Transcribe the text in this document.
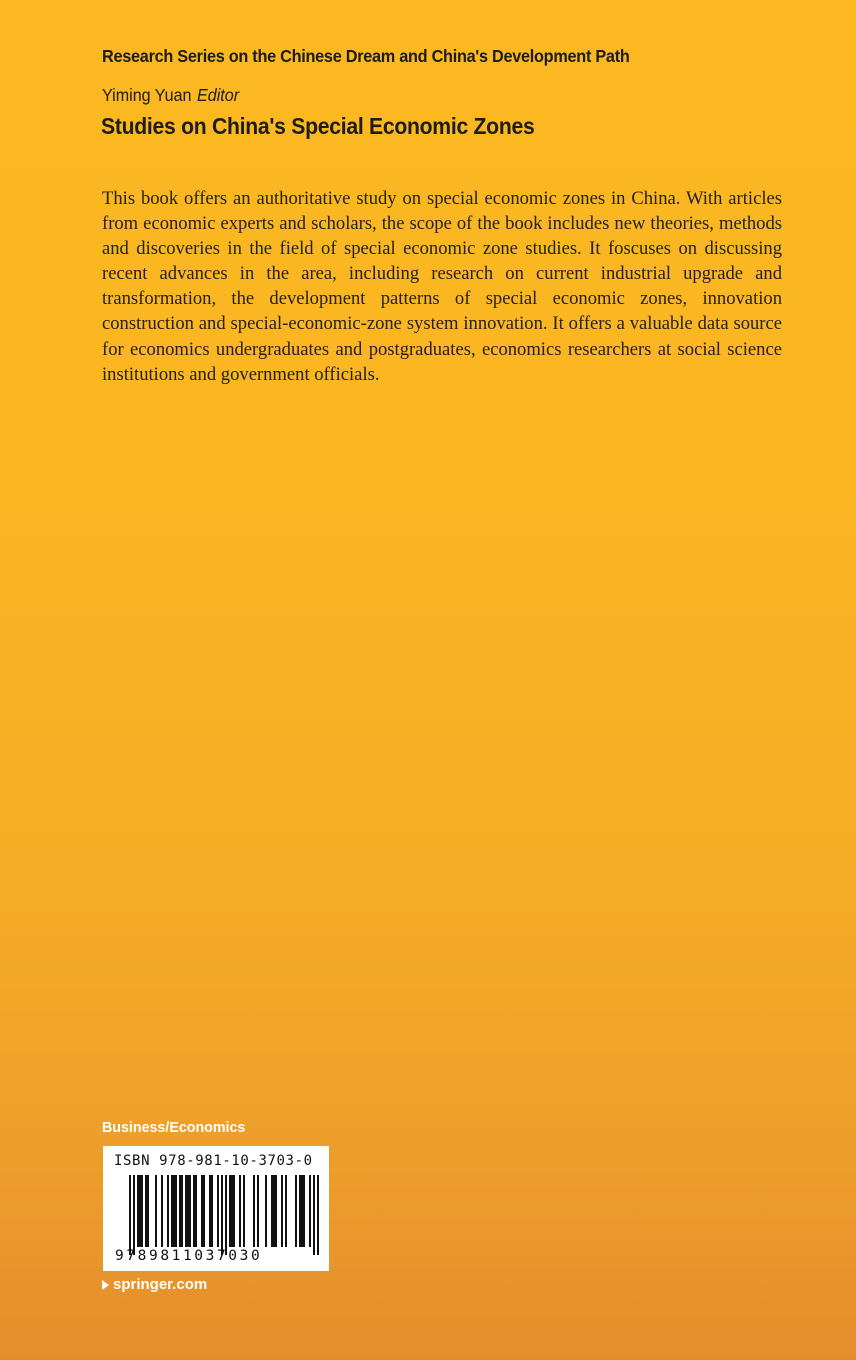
Research Series on the Chinese Dream and China's Development Path
Yiming Yuan Editor
Studies on China's Special Economic Zones

This book offers an authoritative study on special economic zones in China. With articles from economic experts and scholars, the scope of the book includes new theories, methods and discoveries in the field of special economic zone studies. It foscuses on discussing recent advances in the area, including research on current industrial upgrade and transformation, the development patterns of special economic zones, innovation construction and special-economic-zone system innovation. It offers a valuable data source for economics undergraduates and postgraduates, economics researchers at social science institutions and government officials.

Business/Economics
ISBN 978-981-10-3703-0
9789811037030
springer.com
